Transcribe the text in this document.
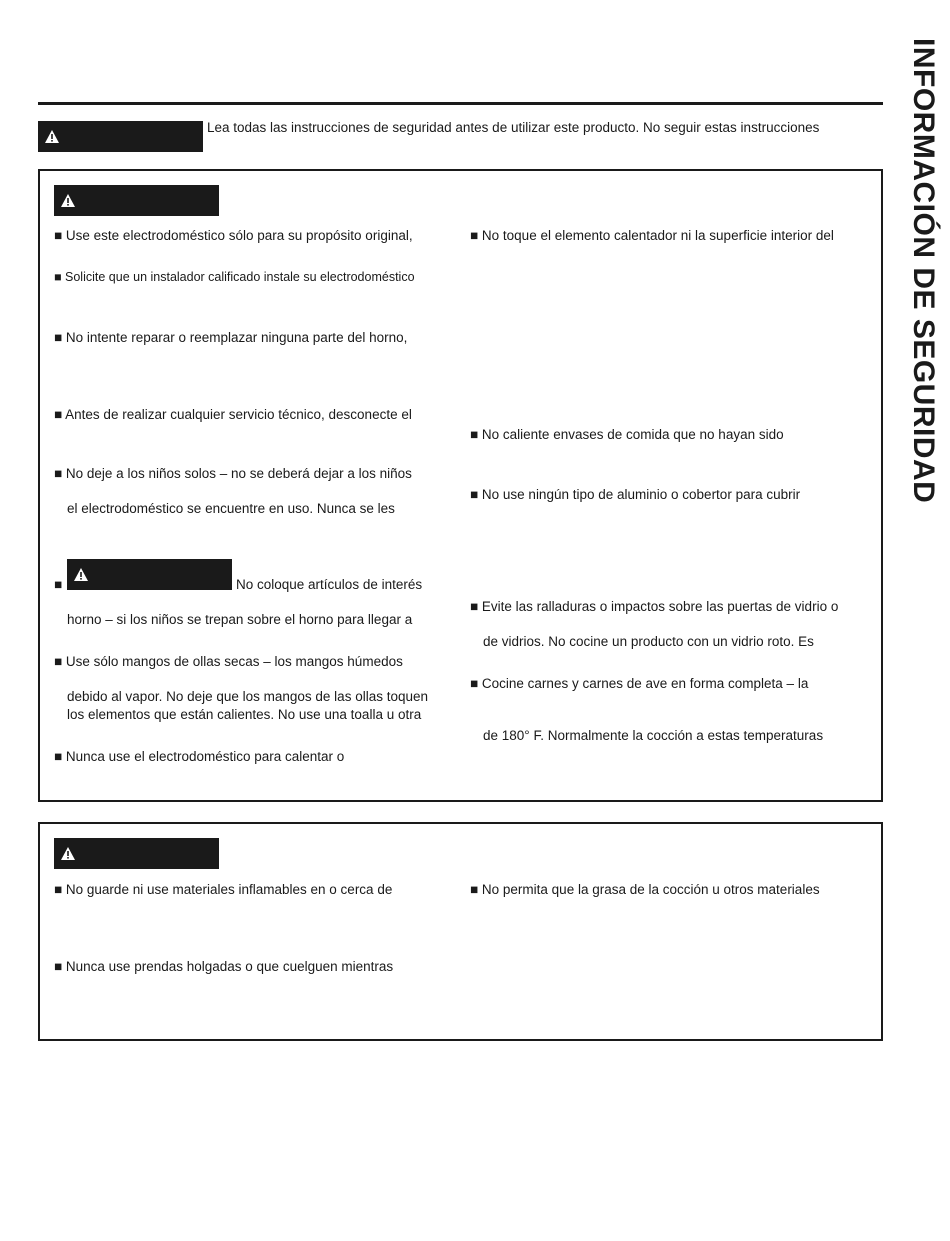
INFORMACIÓN DE SEGURIDAD
Lea todas las instrucciones de seguridad antes de utilizar este producto. No seguir estas instrucciones
■ Use este electrodoméstico sólo para su propósito original,
■ Solicite que un instalador calificado instale su electrodoméstico
■ No intente reparar o reemplazar ninguna parte del horno,
■ Antes de realizar cualquier servicio técnico, desconecte el
■ No deje a los niños solos – no se deberá dejar a los niños
el electrodoméstico se encuentre en uso. Nunca se les
■	No coloque artículos de interés
horno – si los niños se trepan sobre el horno para llegar a
■ Use sólo mangos de ollas secas – los mangos húmedos
debido al vapor. No deje que los mangos de las ollas toquen
los elementos que están calientes. No use una toalla u otra
■ Nunca use el electrodoméstico para calentar o
■ No toque el elemento calentador ni la superficie interior del
■ No caliente envases de comida que no hayan sido
■ No use ningún tipo de aluminio o cobertor para cubrir
■ Evite las ralladuras o impactos sobre las puertas de vidrio o
de vidrios. No cocine un producto con un vidrio roto. Es
■ Cocine carnes y carnes de ave en forma completa – la
de 180° F. Normalmente la cocción a estas temperaturas
■ No guarde ni use materiales inflamables en o cerca de
■ Nunca use prendas holgadas o que cuelguen mientras
■ No permita que la grasa de la cocción u otros materiales
